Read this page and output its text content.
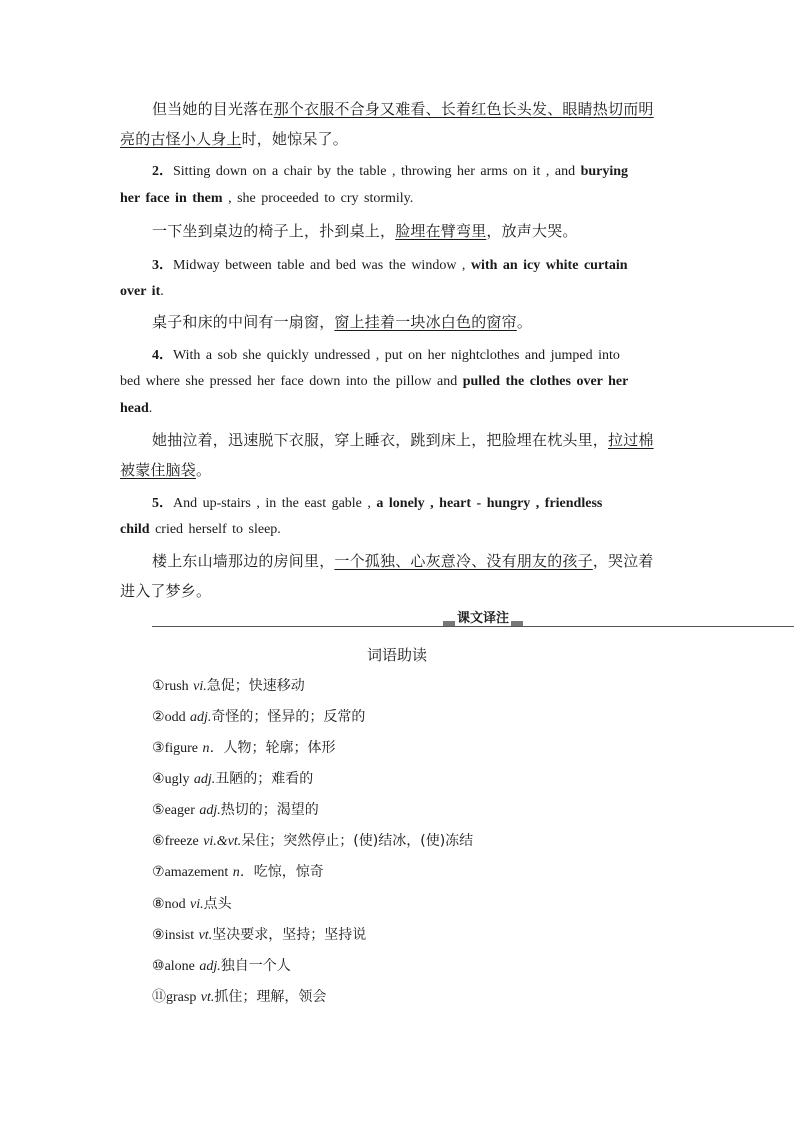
但当她的目光落在那个衣服不合身又难看、长着红色长头发、眼睛热切而明
亮的古怪小人身上时，她惊呆了。
2．Sitting down on a chair by the table , throwing her arms on it , and burying
her face in them , she proceeded to cry stormily.
一下坐到桌边的椅子上，扑到桌上，脸埋在臂弯里，放声大哭。
3．Midway between table and bed was the window , with an icy white curtain
over it.
桌子和床的中间有一扇窗，窗上挂着一块冰白色的窗帘。
4．With a sob she quickly undressed , put on her nightclothes and jumped into
bed where she pressed her face down into the pillow and pulled the clothes over her
head.
她抽泣着，迅速脱下衣服，穿上睡衣，跳到床上，把脸埋在枕头里，拉过棉
被蒙住脑袋。
5．And up-stairs , in the east gable , a lonely , heart - hungry , friendless
child cried herself to sleep.
楼上东山墙那边的房间里，一个孤独、心灰意冷、没有朋友的孩子，哭泣着
进入了梦乡。
课文译注
词语助读
①rush vi.急促；快速移动
②odd adj.奇怪的；怪异的；反常的
③figure n．人物；轮廓；体形
④ugly adj.丑陋的；难看的
⑤eager adj.热切的；渴望的
⑥freeze vi.&vt.呆住；突然停止；(使)结冰，(使)冻结
⑦amazement n．吃惊，惊奇
⑧nod vi.点头
⑨insist vt.坚决要求，坚持；坚持说
⑩alone adj.独自一个人
⑪grasp vt.抓住；理解，领会
